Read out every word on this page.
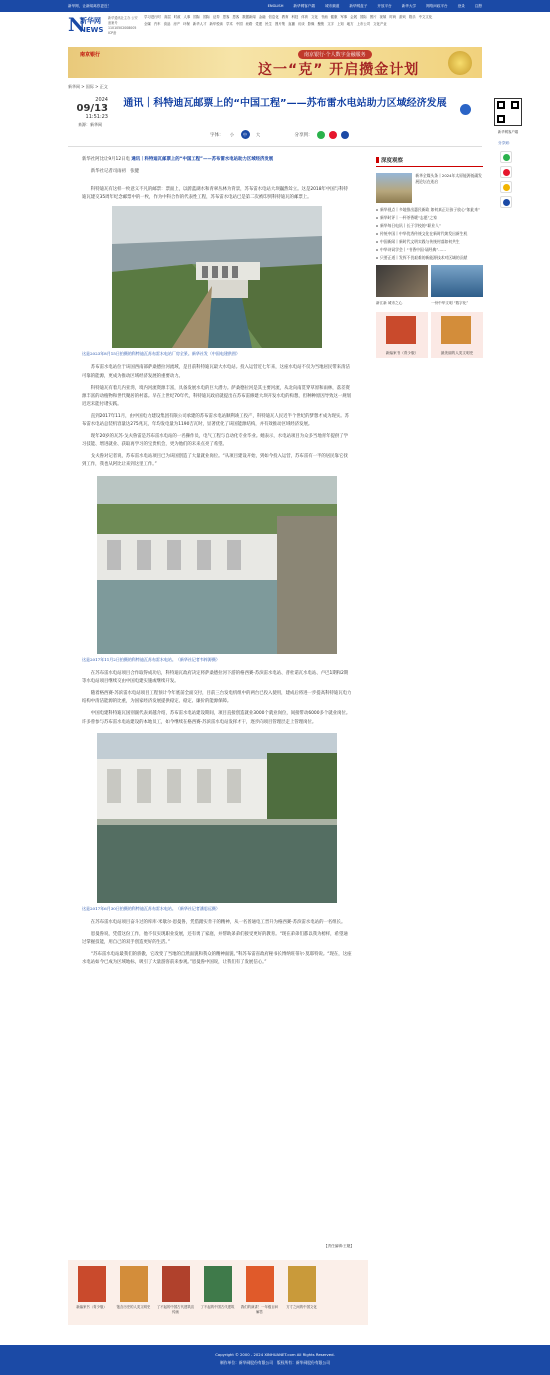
新华网，让新闻离你更近！	ENGLISH	新华网客户端	城市频道	新华网盒子	开放平台	新华大学	网络问政平台	登录	注册
N
新华网
NEWS
新华通讯社主办 公安备案号 11010502008005 ICP备
学习进行时 高层 时政 人事 国际 国际 证券 思客 思客 数据新闻 金融 信息化 教育 科技 体育 文化 书画 健康 军事 会展 国际 图片 视频 时尚 游戏 娱乐 中文文化
全媒 汽车 食品 房产 环保 新华人才 新华悦读 学术 中国 丝路 党建 民生 图片集 直播 访谈 影像 聚焦 文字 上知 地方 上市公司 文化产业
南京银行	南京银行·个人数字金融服务
这一“克” 开启攒金计划
新华网 > 国际 > 正文
2024
09/13
11:51:23
来源：新华网
通讯｜科特迪瓦邮票上的“中国工程”——苏布雷水电站助力区域经济发展
字体：	小	中	大	分享到：
新华网客户端
分享到：

新华社阿比让9月12日电 通讯｜科特迪瓦邮票上的“中国工程”——苏布雷水电站助力区域经济发展

新华社记者司雨初　张健

科特迪瓦有这样一枚意义不凡的邮票：票面上，以蔚蓝湖水和青翠丛林为背景，苏布雷水电站大坝巍然耸立。这是2018年中国与科特迪瓦建交35周年纪念邮票中的一枚，作为中科合作的代表性工程，苏布雷水电站已是第二次被印到科特迪瓦的邮票上。

这是2023年8月15日拍摄的科特迪瓦苏布雷水电站厂房全景。新华社发（中国电建供图）

苏布雷水电站位于该国西南部萨桑德拉河流域，是目前科特迪瓦最大水电站。投入运营近七年来，这座水电站不仅为当地居民带来清洁可靠的能源，更成为推动区域经济发展的重要动力。

科特迪瓦有着几内亚湾，境内河流资源丰富，具备发展水电的巨大潜力。萨桑德拉河是其主要河流，从北向南贯穿草原和雨林，落差资源丰富的动植物和世代聚居的村落。早在上世纪70年代，科特迪瓦政府就提出在苏布雷修建大坝开发水电的构想，但种种原因导致这一规划迟迟未能付诸实践。

直到2017年11月，由中国电力建设集团有限公司承建的苏布雷水电站顺利竣工投产，科特迪瓦人民近半个世纪的梦想才成为现实。苏布雷水电站总装机容量达275兆瓦，年均发电量为1190吉瓦时，显著优化了该国能源结构，并有效推动区域经济发展。

现年20岁的瓦苏·戈夫鲁雷是苏布雷水电站的一名操作员，电气工程与自动化专业毕业。她表示，水电站项目为众多当地青年提供了学习技能、增进就业、获取再学习的宝贵机会，更为他们的未来点亮了希望。

戈夫鲁对记者说，苏布雷水电站项目已为该国创造了大量就业岗位。“从项目建设开始，到如今投入运营，苏布雷有一半的居民靠它找到工作，我也从阿比让来到这里工作。”

这是2017年11月2日拍摄的科特迪瓦苏布雷水电站。（新华社记者韦梓源摄）

在苏布雷水电站项目合作取得成功后，科特迪瓦政府决定将萨桑德拉河下游的格西赛-苏滨雷水电站、普杜诺瓦水电站、卢巴1期和2期等水电站项目继续交由中国电建实施或继续开发。

随着格西赛-苏滨雷水电站项目工程预计今年底前全面交付，目前三台发电机组中的两台已投入使用，建成后将进一步提高科特迪瓦电力结构中清洁能源的比重，为国家经济发展提供稳定、稳定、廉价的能源保障。

中国电建科特迪瓦国别副代表刘越介绍，苏布雷水电站建设期间，项目直接创造就业3000个就业岗位，间接带动6000多个就业岗位。许多曾参与苏布雷水电站建设的本地员工，如今继续在格西赛-苏滨雷水电站发挥才干，逐步向项目管理层走上管理岗位。

这是2017年6月30日拍摄的科特迪瓦苏布雷水电站。（新华社记者潘思远摄）

在苏布雷水电站项目奋斗过的库库·米歇尔·恩曼鲁，凭借踏实肯干的精神，从一名普通电工晋升为格西赛-苏滨雷水电站的一名组长。

恩曼鲁说，凭借这份工作，他不仅实现职业发展，还有勇了家庭，并帮助弟弟们接受更好的教育。“现在弟弟们都以我为榜样，希望通过掌握技能，用自己的双手创造更好的生活。”

“苏布雷水电站最我们的骄傲，它改变了当地的自然面貌和我众的精神面貌。”科苏布雷省政府秘书长博纳旺蒂尔·莫耶特说。“现在，这座水电站如今已成为区域地标，吸引了大量游客前来参观。”恩曼鲁中国说，让我们有了发展信心。”

【责任编辑:王婕】
深度观察
新华全媒头条丨2024年太原能源低碳发展论坛在连启
新华视点丨多地推出惠民新政 如何真正让孩子放心“如此来”
新华时评丨一杯茶香暖“志愿”之家
新华每日电讯丨长于学校的“职业人”
传统中国丨中华优秀传统文化在新时代焕发出新生机
中国新闻丨新时代文明实践与传统村落如何共生
中华诗词学会丨“书香中国·诵经典”……
只要正道丨发挥不畏艰难的新能源技术对区域的贡献
新江新 城市之心	一份中华文明 “数字化”
新编家书（青少版）	最美丽的人类文明史
新编家书（青少版）	饱含历史的人类文明史	了不起的中国古代建筑宣传画
了不起的中国古代建筑	我们的演讲！一年级百问解答
方寸之间的中国文化
Copyright © 2000 - 2024 XINHUANET.com All Rights Reserved.
制作单位：新华网股份有限公司　版权所有：新华网股份有限公司
